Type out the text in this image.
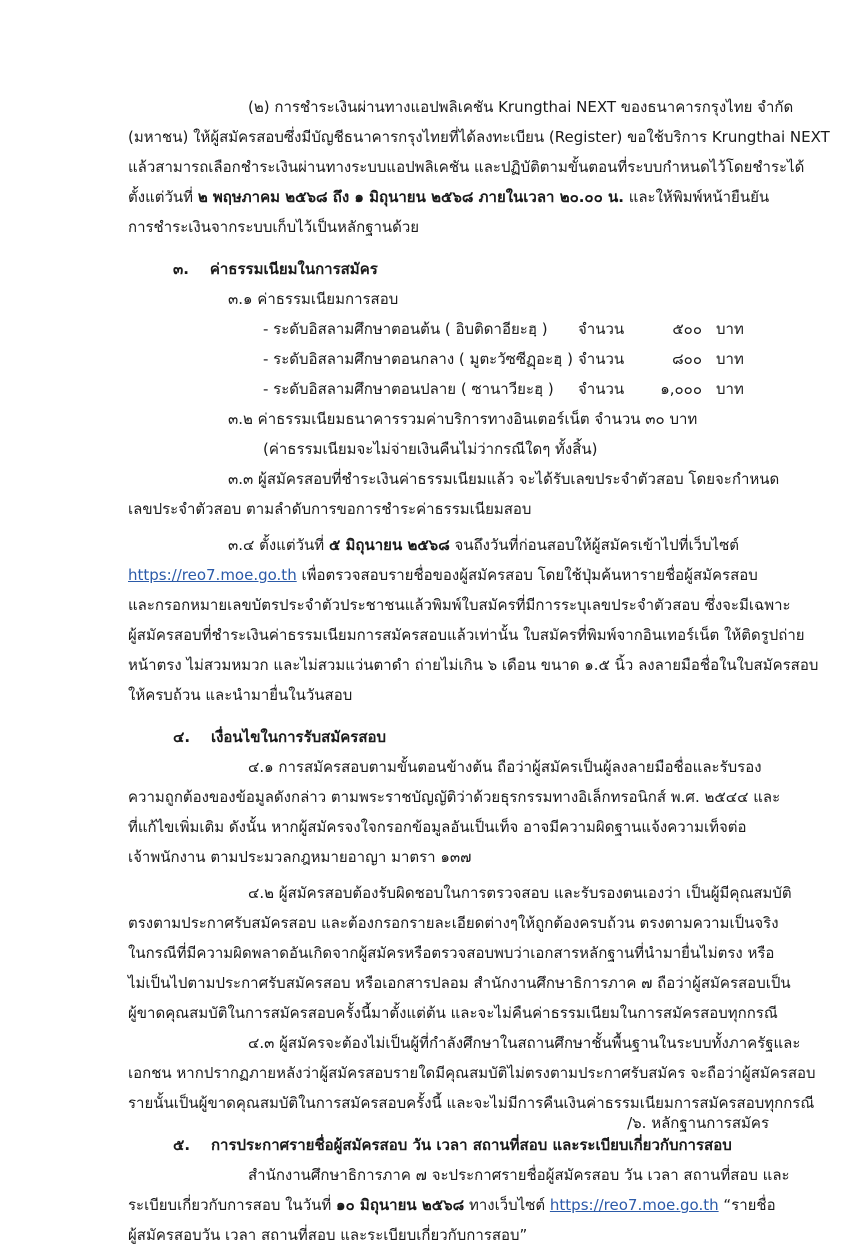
(๒) การชำระเงินผ่านทางแอปพลิเคชัน Krungthai NEXT ของธนาคารกรุงไทย จำกัด
(มหาชน) ให้ผู้สมัครสอบซึ่งมีบัญชีธนาคารกรุงไทยที่ได้ลงทะเบียน (Register) ขอใช้บริการ Krungthai NEXT
แล้วสามารถเลือกชำระเงินผ่านทางระบบแอปพลิเคชัน และปฏิบัติตามขั้นตอนที่ระบบกำหนดไว้โดยชำระได้
ตั้งแต่วันที่ ๒ พฤษภาคม ๒๕๖๘ ถึง ๑ มิถุนายน ๒๕๖๘ ภายในเวลา ๒๐.๐๐ น. และให้พิมพ์หน้ายืนยัน
การชำระเงินจากระบบเก็บไว้เป็นหลักฐานด้วย
๓. ค่าธรรมเนียมในการสมัคร
๓.๑ ค่าธรรมเนียมการสอบ
- ระดับอิสลามศึกษาตอนต้น ( อิบติดาอียะฮฺ )	จำนวน	๕๐๐ บาท
- ระดับอิสลามศึกษาตอนกลาง ( มูตะวัซซีฏฺอะฮฺ ) จำนวน	๘๐๐ บาท
- ระดับอิสลามศึกษาตอนปลาย ( ซานาวียะฮฺ )	จำนวน	๑,๐๐๐ บาท
๓.๒ ค่าธรรมเนียมธนาคารรวมค่าบริการทางอินเตอร์เน็ต จำนวน ๓๐ บาท
(ค่าธรรมเนียมจะไม่จ่ายเงินคืนไม่ว่ากรณีใดๆ ทั้งสิ้น)
๓.๓ ผู้สมัครสอบที่ชำระเงินค่าธรรมเนียมแล้ว จะได้รับเลขประจำตัวสอบ โดยจะกำหนด
เลขประจำตัวสอบ ตามลำดับการขอการชำระค่าธรรมเนียมสอบ
๓.๔ ตั้งแต่วันที่ ๕ มิถุนายน ๒๕๖๘ จนถึงวันที่ก่อนสอบให้ผู้สมัครเข้าไปที่เว็บไซต์
https://reo7.moe.go.th เพื่อตรวจสอบรายชื่อของผู้สมัครสอบ โดยใช้ปุ่มค้นหารายชื่อผู้สมัครสอบ
และกรอกหมายเลขบัตรประจำตัวประชาชนแล้วพิมพ์ใบสมัครที่มีการระบุเลขประจำตัวสอบ ซึ่งจะมีเฉพาะ
ผู้สมัครสอบที่ชำระเงินค่าธรรมเนียมการสมัครสอบแล้วเท่านั้น ใบสมัครที่พิมพ์จากอินเทอร์เน็ต ให้ติดรูปถ่าย
หน้าตรง ไม่สวมหมวก และไม่สวมแว่นตาดำ ถ่ายไม่เกิน ๖ เดือน ขนาด ๑.๕ นิ้ว ลงลายมือชื่อในใบสมัครสอบ
ให้ครบถ้วน และนำมายื่นในวันสอบ
๔. เงื่อนไขในการรับสมัครสอบ
๔.๑ การสมัครสอบตามขั้นตอนข้างต้น ถือว่าผู้สมัครเป็นผู้ลงลายมือชื่อและรับรอง
ความถูกต้องของข้อมูลดังกล่าว ตามพระราชบัญญัติว่าด้วยธุรกรรมทางอิเล็กทรอนิกส์ พ.ศ. ๒๕๔๔ และ
ที่แก้ไขเพิ่มเติม ดังนั้น หากผู้สมัครจงใจกรอกข้อมูลอันเป็นเท็จ อาจมีความผิดฐานแจ้งความเท็จต่อ
เจ้าพนักงาน ตามประมวลกฎหมายอาญา มาตรา ๑๓๗
๔.๒ ผู้สมัครสอบต้องรับผิดชอบในการตรวจสอบ และรับรองตนเองว่า เป็นผู้มีคุณสมบัติ
ตรงตามประกาศรับสมัครสอบ และต้องกรอกรายละเอียดต่างๆให้ถูกต้องครบถ้วน ตรงตามความเป็นจริง
ในกรณีที่มีความผิดพลาดอันเกิดจากผู้สมัครหรือตรวจสอบพบว่าเอกสารหลักฐานที่นำมายื่นไม่ตรง หรือ
ไม่เป็นไปตามประกาศรับสมัครสอบ หรือเอกสารปลอม สำนักงานศึกษาธิการภาค ๗ ถือว่าผู้สมัครสอบเป็น
ผู้ขาดคุณสมบัติในการสมัครสอบครั้งนี้มาตั้งแต่ต้น และจะไม่คืนค่าธรรมเนียมในการสมัครสอบทุกกรณี
๔.๓ ผู้สมัครจะต้องไม่เป็นผู้ที่กำลังศึกษาในสถานศึกษาชั้นพื้นฐานในระบบทั้งภาครัฐและ
เอกชน หากปรากฏภายหลังว่าผู้สมัครสอบรายใดมีคุณสมบัติไม่ตรงตามประกาศรับสมัคร จะถือว่าผู้สมัครสอบ
รายนั้นเป็นผู้ขาดคุณสมบัติในการสมัครสอบครั้งนี้ และจะไม่มีการคืนเงินค่าธรรมเนียมการสมัครสอบทุกกรณี
๕. การประกาศรายชื่อผู้สมัครสอบ วัน เวลา สถานที่สอบ และระเบียบเกี่ยวกับการสอบ
สำนักงานศึกษาธิการภาค ๗ จะประกาศรายชื่อผู้สมัครสอบ วัน เวลา สถานที่สอบ และ
ระเบียบเกี่ยวกับการสอบ ในวันที่ ๑๐ มิถุนายน ๒๕๖๘ ทางเว็บไซต์ https://reo7.moe.go.th “รายชื่อ
ผู้สมัครสอบวัน เวลา สถานที่สอบ และระเบียบเกี่ยวกับการสอบ”
/๖. หลักฐานการสมัคร
